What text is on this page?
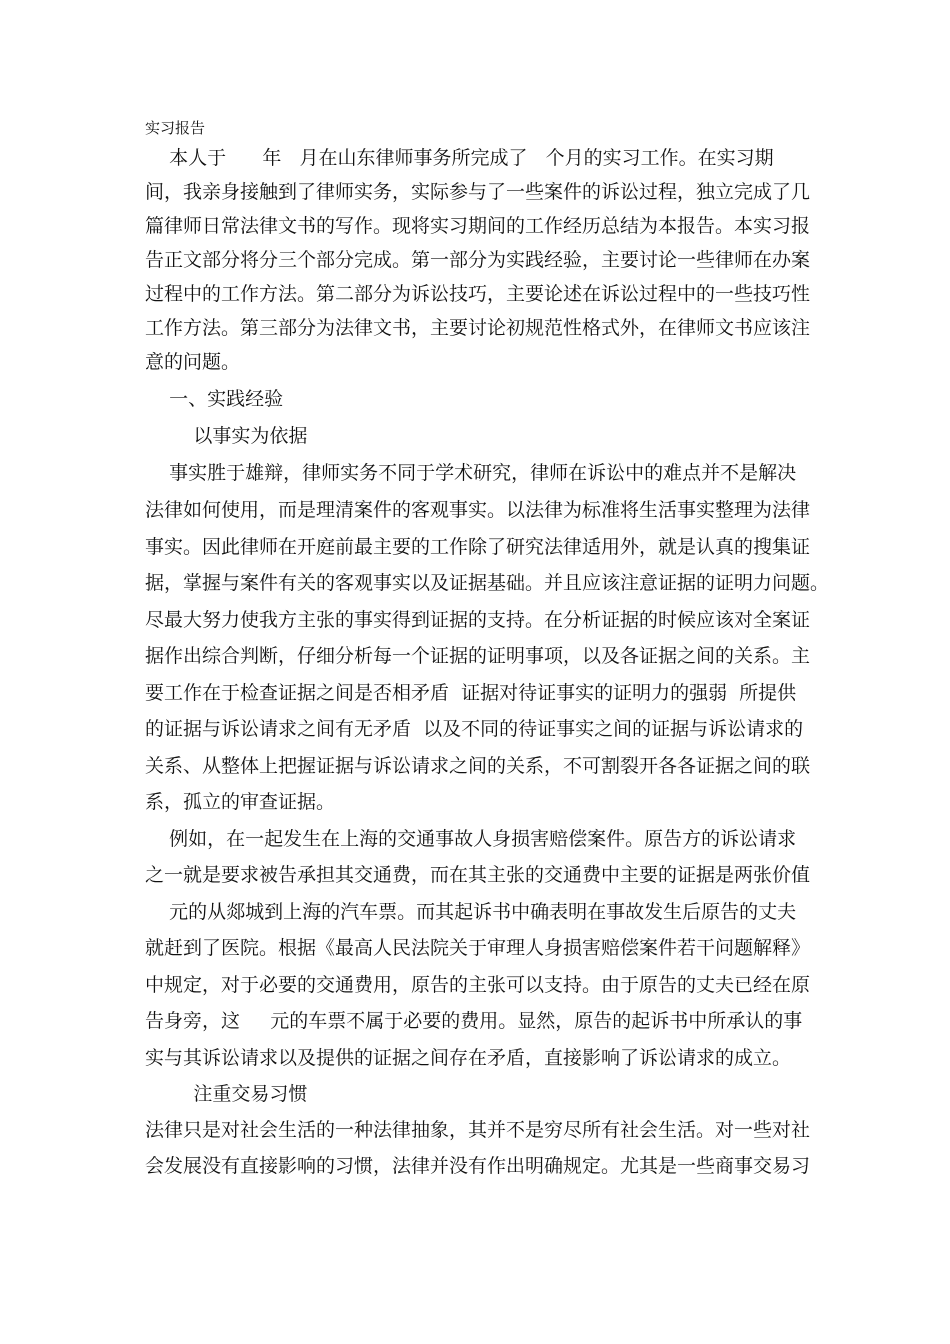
实习报告
本人于      年   月在山东律师事务所完成了   个月的实习工作。在实习期
间，我亲身接触到了律师实务，实际参与了一些案件的诉讼过程，独立完成了几
篇律师日常法律文书的写作。现将实习期间的工作经历总结为本报告。本实习报
告正文部分将分三个部分完成。第一部分为实践经验，主要讨论一些律师在办案
过程中的工作方法。第二部分为诉讼技巧，主要论述在诉讼过程中的一些技巧性
工作方法。第三部分为法律文书，主要讨论初规范性格式外，在律师文书应该注
意的问题。
一、实践经验
以事实为依据
事实胜于雄辩，律师实务不同于学术研究，律师在诉讼中的难点并不是解决
法律如何使用，而是理清案件的客观事实。以法律为标准将生活事实整理为法律
事实。因此律师在开庭前最主要的工作除了研究法律适用外，就是认真的搜集证
据，掌握与案件有关的客观事实以及证据基础。并且应该注意证据的证明力问题。
尽最大努力使我方主张的事实得到证据的支持。在分析证据的时候应该对全案证
据作出综合判断，仔细分析每一个证据的证明事项，以及各证据之间的关系。主
要工作在于检查证据之间是否相矛盾  证据对待证事实的证明力的强弱  所提供
的证据与诉讼请求之间有无矛盾  以及不同的待证事实之间的证据与诉讼请求的
关系、从整体上把握证据与诉讼请求之间的关系，不可割裂开各各证据之间的联
系，孤立的审查证据。
例如，在一起发生在上海的交通事故人身损害赔偿案件。原告方的诉讼请求
之一就是要求被告承担其交通费，而在其主张的交通费中主要的证据是两张价值
元的从郯城到上海的汽车票。而其起诉书中确表明在事故发生后原告的丈夫
就赶到了医院。根据《最高人民法院关于审理人身损害赔偿案件若干问题解释》
中规定，对于必要的交通费用，原告的主张可以支持。由于原告的丈夫已经在原
告身旁，这     元的车票不属于必要的费用。显然，原告的起诉书中所承认的事
实与其诉讼请求以及提供的证据之间存在矛盾，直接影响了诉讼请求的成立。
注重交易习惯
法律只是对社会生活的一种法律抽象，其并不是穷尽所有社会生活。对一些对社
会发展没有直接影响的习惯，法律并没有作出明确规定。尤其是一些商事交易习
